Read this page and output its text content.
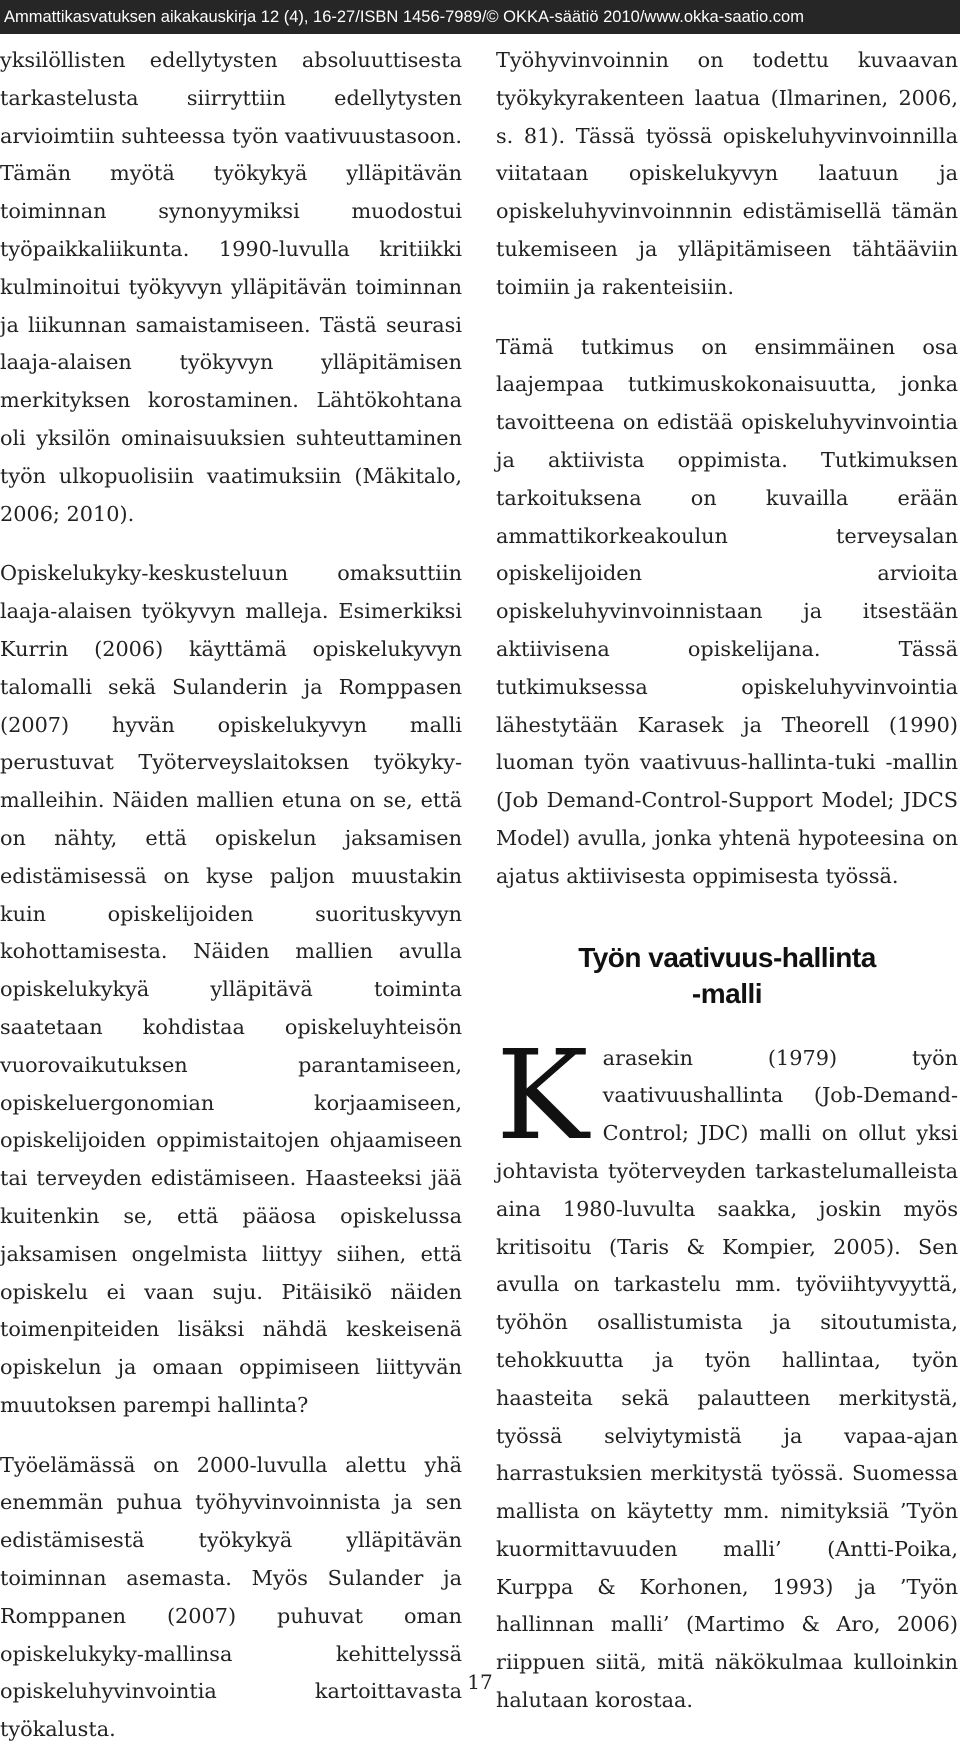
Ammattikasvatuksen aikakauskirja 12 (4), 16-27/ISBN 1456-7989/© OKKA-säätiö 2010/www.okka-saatio.com

yksilöllisten edellytysten absoluuttisesta tarkastelusta siirryttiin edellytysten arvioimtiin suhteessa työn vaativuustasoon. Tämän myötä työkykyä ylläpitävän toiminnan synonyymiksi muodostui työpaikkaliikunta. 1990-luvulla kritiikki kulminoitui työkyvyn ylläpitävän toiminnan ja liikunnan samaistamiseen. Tästä seurasi laaja-alaisen työkyvyn ylläpitämisen merkityksen korostaminen. Lähtökohtana oli yksilön ominaisuuksien suhteuttaminen työn ulkopuolisiin vaatimuksiin (Mäkitalo, 2006; 2010).

Opiskelukyky-keskusteluun omaksuttiin laaja-alaisen työkyvyn malleja. Esimerkiksi Kurrin (2006) käyttämä opiskelukyvyn talomalli sekä Sulanderin ja Romppasen (2007) hyvän opiskelukyvyn malli perustuvat Työterveyslaitoksen työkyky-malleihin. Näiden mallien etuna on se, että on nähty, että opiskelun jaksamisen edistämisessä on kyse paljon muustakin kuin opiskelijoiden suorituskyvyn kohottamisesta. Näiden mallien avulla opiskelukykyä ylläpitävä toiminta saatetaan kohdistaa opiskeluyhteisön vuorovaikutuksen parantamiseen, opiskeluergonomian korjaamiseen, opiskelijoiden oppimistaitojen ohjaamiseen tai terveyden edistämiseen. Haasteeksi jää kuitenkin se, että pääosa opiskelussa jaksamisen ongelmista liittyy siihen, että opiskelu ei vaan suju. Pitäisikö näiden toimenpiteiden lisäksi nähdä keskeisenä opiskelun ja omaan oppimiseen liittyvän muutoksen parempi hallinta?

Työelämässä on 2000-luvulla alettu yhä enemmän puhua työhyvinvoinnista ja sen edistämisestä työkykyä ylläpitävän toiminnan asemasta. Myös Sulander ja Romppanen (2007) puhuvat oman opiskelukyky-mallinsa kehittelyssä opiskeluhyvinvointia kartoittavasta työkalusta.

Työhyvinvoinnin on todettu kuvaavan työkykyrakenteen laatua (Ilmarinen, 2006, s. 81). Tässä työssä opiskeluhyvinvoinnilla viitataan opiskelukyvyn laatuun ja opiskeluhyvinvoinnnin edistämisellä tämän tukemiseen ja ylläpitämiseen tähtääviin toimiin ja rakenteisiin.

Tämä tutkimus on ensimmäinen osa laajempaa tutkimuskokonaisuutta, jonka tavoitteena on edistää opiskeluhyvinvointia ja aktiivista oppimista. Tutkimuksen tarkoituksena on kuvailla erään ammattikorkeakoulun terveysalan opiskelijoiden arvioita opiskeluhyvinvoinnistaan ja itsestään aktiivisena opiskelijana. Tässä tutkimuksessa opiskeluhyvinvointia lähestytään Karasek ja Theorell (1990) luoman työn vaativuus-hallinta-tuki -mallin (Job Demand-Control-Support Model; JDCS Model) avulla, jonka yhtenä hypoteesina on ajatus aktiivisesta oppimisesta työssä.

Työn vaativuus-hallinta
-malli

Karasekin (1979) työn vaativuushallinta (Job-Demand-Control; JDC) malli on ollut yksi johtavista työterveyden tarkastelumalleista aina 1980-luvulta saakka, joskin myös kritisoitu (Taris & Kompier, 2005). Sen avulla on tarkastelu mm. työviihtyvyyttä, työhön osallistumista ja sitoutumista, tehokkuutta ja työn hallintaa, työn haasteita sekä palautteen merkitystä, työssä selviytymistä ja vapaa-ajan harrastuksien merkitystä työssä. Suomessa mallista on käytetty mm. nimityksiä ’Työn kuormittavuuden malli’ (Antti-Poika, Kurppa & Korhonen, 1993) ja ’Työn hallinnan malli’ (Martimo & Aro, 2006) riippuen siitä, mitä näkökulmaa kulloinkin halutaan korostaa.

17
